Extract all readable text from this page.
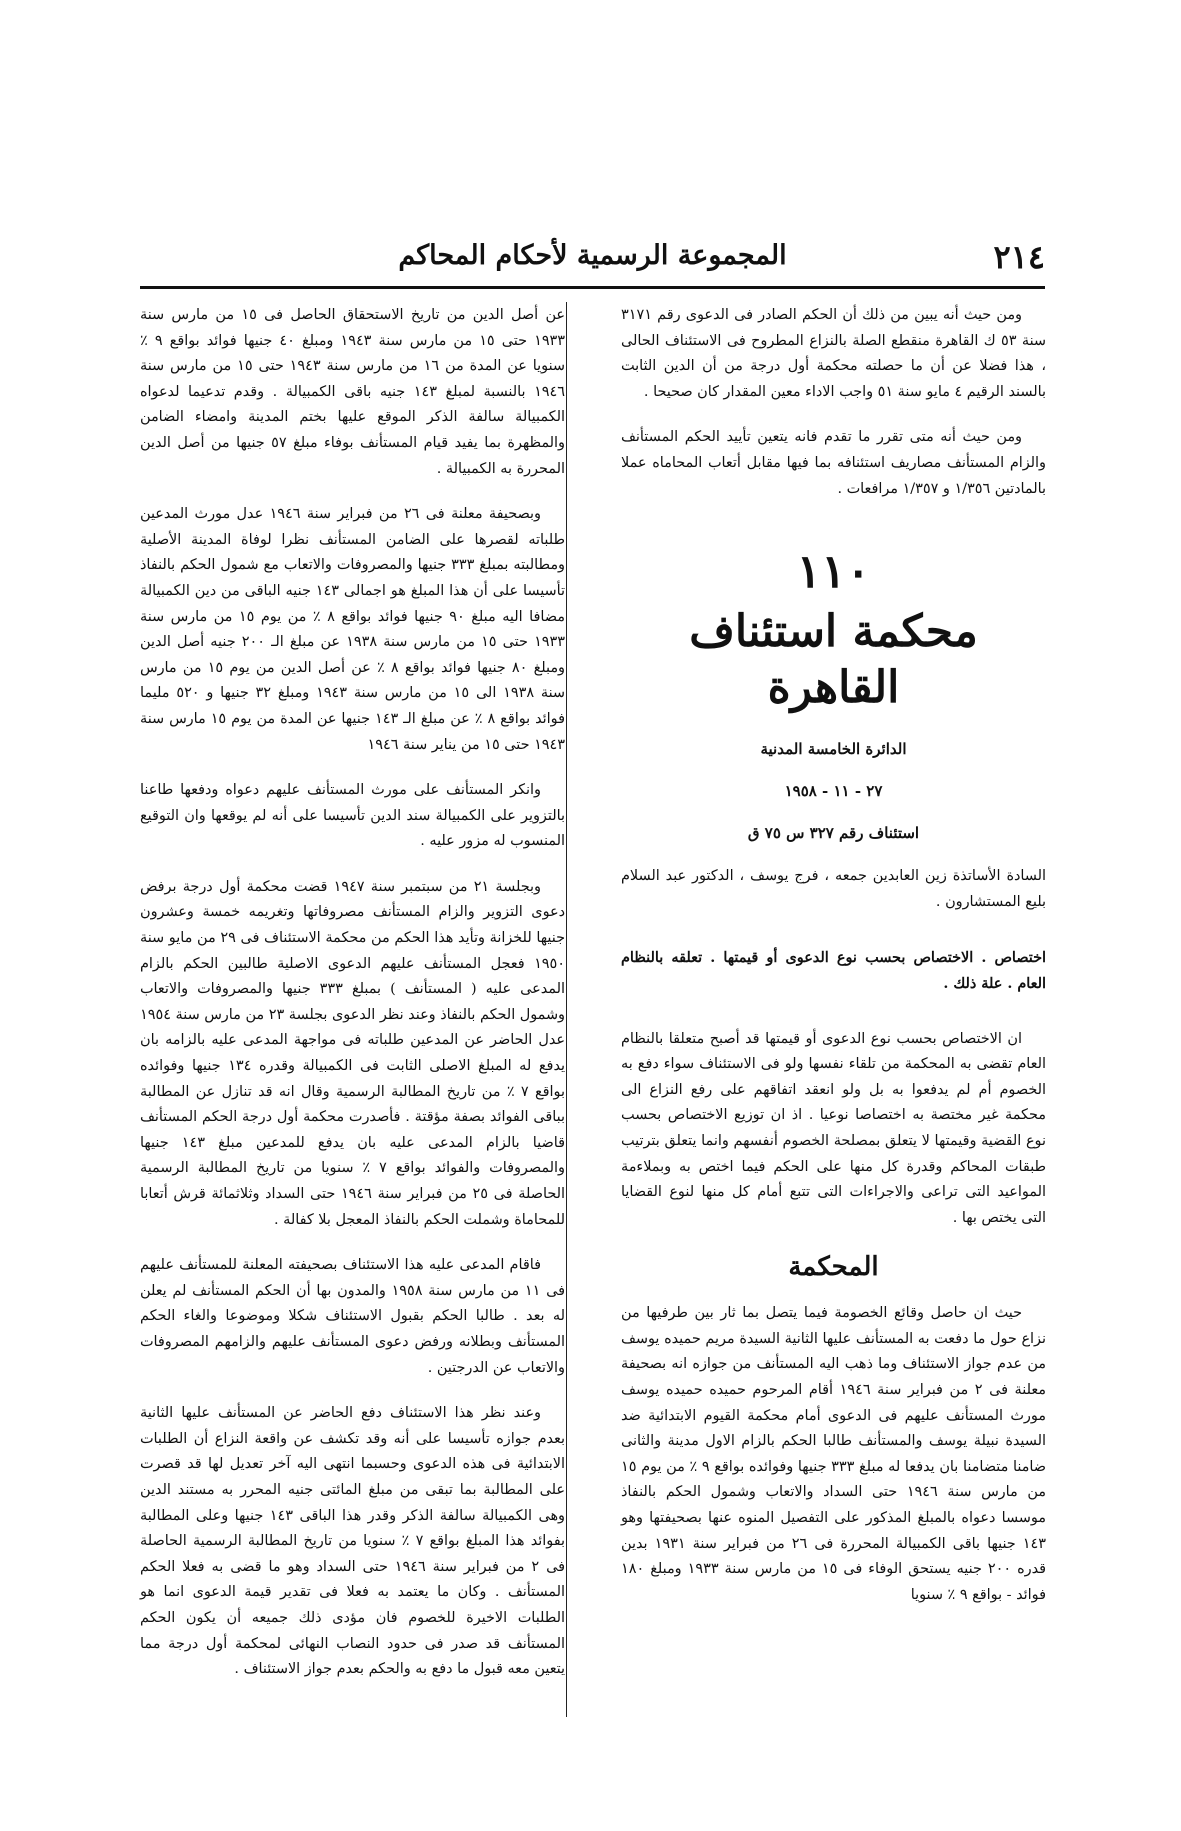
٢١٤
المجموعة الرسمية لأحكام المحاكم

ومن حيث أنه يبين من ذلك أن الحكم الصادر فى الدعوى رقم ٣١٧١ سنة ٥٣ ك القاهرة منقطع الصلة بالنزاع المطروح فى الاستئناف الحالى ، هذا فضلا عن أن ما حصلته محكمة أول درجة من أن الدين الثابت بالسند الرقيم ٤ مايو سنة ٥١ واجب الاداء معين المقدار كان صحيحا .

ومن حيث أنه متى تقرر ما تقدم فانه يتعين تأييد الحكم المستأنف والزام المستأنف مصاريف استئنافه بما فيها مقابل أتعاب المحاماه عملا بالمادتين ١/٣٥٦ و ١/٣٥٧ مرافعات .

١١٠
محكمة استئناف القاهرة
الدائرة الخامسة المدنية
٢٧ - ١١ - ١٩٥٨
استئناف رقم ٣٢٧ س ٧٥ ق

السادة الأساتذة زين العابدين جمعه ، فرج يوسف ، الدكتور عبد السلام بليع المستشارون .

اختصاص . الاختصاص بحسب نوع الدعوى أو قيمتها . تعلقه بالنظام العام . علة ذلك .

ان الاختصاص بحسب نوع الدعوى أو قيمتها قد أصبح متعلقا بالنظام العام تقضى به المحكمة من تلقاء نفسها ولو فى الاستئناف سواء دفع به الخصوم أم لم يدفعوا به بل ولو انعقد اتفاقهم على رفع النزاع الى محكمة غير مختصة به اختصاصا نوعيا . اذ ان توزيع الاختصاص بحسب نوع القضية وقيمتها لا يتعلق بمصلحة الخصوم أنفسهم وانما يتعلق بترتيب طبقات المحاكم وقدرة كل منها على الحكم فيما اختص به وبملاءمة المواعيد التى تراعى والاجراءات التى تتبع أمام كل منها لنوع القضايا التى يختص بها .

المحكمة

حيث ان حاصل وقائع الخصومة فيما يتصل بما ثار بين طرفيها من نزاع حول ما دفعت به المستأنف عليها الثانية السيدة مريم حميده يوسف من عدم جواز الاستئناف وما ذهب اليه المستأنف من جوازه انه بصحيفة معلنة فى ٢ من فبراير سنة ١٩٤٦ أقام المرحوم حميده حميده يوسف مورث المستأنف عليهم فى الدعوى أمام محكمة القيوم الابتدائية ضد السيدة نبيلة يوسف والمستأنف طالبا الحكم بالزام الاول مدينة والثانى ضامنا متضامنا بان يدفعا له مبلغ ٣٣٣ جنيها وفوائده بواقع ٩ ٪ من يوم ١٥ من مارس سنة ١٩٤٦ حتى السداد والاتعاب وشمول الحكم بالنفاذ موسسا دعواه بالمبلغ المذكور على التفصيل المنوه عنها بصحيفتها وهو ١٤٣ جنيها باقى الكمبيالة المحررة فى ٢٦ من فبراير سنة ١٩٣١ بدين قدره ٢٠٠ جنيه يستحق الوفاء فى ١٥ من مارس سنة ١٩٣٣ ومبلغ ١٨٠ فوائد - بواقع ٩ ٪ سنويا

عن أصل الدين من تاريخ الاستحقاق الحاصل فى ١٥ من مارس سنة ١٩٣٣ حتى ١٥ من مارس سنة ١٩٤٣ ومبلغ ٤٠ جنيها فوائد بواقع ٩ ٪ سنويا عن المدة من ١٦ من مارس سنة ١٩٤٣ حتى ١٥ من مارس سنة ١٩٤٦ بالنسبة لمبلغ ١٤٣ جنيه باقى الكمبيالة . وقدم تدعيما لدعواه الكمبيالة سالفة الذكر الموقع عليها بختم المدينة وامضاء الضامن والمظهرة بما يفيد قيام المستأنف بوفاء مبلغ ٥٧ جنيها من أصل الدين المحررة به الكمبيالة .

وبصحيفة معلنة فى ٢٦ من فبراير سنة ١٩٤٦ عدل مورث المدعين طلباته لقصرها على الضامن المستأنف نظرا لوفاة المدينة الأصلية ومطالبته بمبلغ ٣٣٣ جنيها والمصروفات والاتعاب مع شمول الحكم بالنفاذ تأسيسا على أن هذا المبلغ هو اجمالى ١٤٣ جنيه الباقى من دين الكمبيالة مضافا اليه مبلغ ٩٠ جنيها فوائد بواقع ٨ ٪ من يوم ١٥ من مارس سنة ١٩٣٣ حتى ١٥ من مارس سنة ١٩٣٨ عن مبلغ الـ ٢٠٠ جنيه أصل الدين ومبلغ ٨٠ جنيها فوائد بواقع ٨ ٪ عن أصل الدين من يوم ١٥ من مارس سنة ١٩٣٨ الى ١٥ من مارس سنة ١٩٤٣ ومبلغ ٣٢ جنيها و ٥٢٠ مليما فوائد بواقع ٨ ٪ عن مبلغ الـ ١٤٣ جنيها عن المدة من يوم ١٥ مارس سنة ١٩٤٣ حتى ١٥ من يناير سنة ١٩٤٦

وانكر المستأنف على مورث المستأنف عليهم دعواه ودفعها طاعنا بالتزوير على الكمبيالة سند الدين تأسيسا على أنه لم يوقعها وان التوقيع المنسوب له مزور عليه .

وبجلسة ٢١ من سبتمبر سنة ١٩٤٧ قضت محكمة أول درجة برفض دعوى التزوير والزام المستأنف مصروفاتها وتغريمه خمسة وعشرون جنيها للخزانة وتأيد هذا الحكم من محكمة الاستئناف فى ٢٩ من مايو سنة ١٩٥٠ فعجل المستأنف عليهم الدعوى الاصلية طالبين الحكم بالزام المدعى عليه ( المستأنف ) بمبلغ ٣٣٣ جنيها والمصروفات والاتعاب وشمول الحكم بالنفاذ وعند نظر الدعوى بجلسة ٢٣ من مارس سنة ١٩٥٤ عدل الحاضر عن المدعين طلباته فى مواجهة المدعى عليه بالزامه بان يدفع له المبلغ الاصلى الثابت فى الكمبيالة وقدره ١٣٤ جنيها وفوائده بواقع ٧ ٪ من تاريخ المطالبة الرسمية وقال انه قد تنازل عن المطالبة بباقى الفوائد بصفة مؤقتة . فأصدرت محكمة أول درجة الحكم المستأنف قاضيا بالزام المدعى عليه بان يدفع للمدعين مبلغ ١٤٣ جنيها والمصروفات والفوائد بواقع ٧ ٪ سنويا من تاريخ المطالبة الرسمية الحاصلة فى ٢٥ من فبراير سنة ١٩٤٦ حتى السداد وثلاثمائة قرش أتعابا للمحاماة وشملت الحكم بالنفاذ المعجل بلا كفالة .

فاقام المدعى عليه هذا الاستئناف بصحيفته المعلنة للمستأنف عليهم فى ١١ من مارس سنة ١٩٥٨ والمدون بها أن الحكم المستأنف لم يعلن له بعد . طالبا الحكم بقبول الاستئناف شكلا وموضوعا والغاء الحكم المستأنف وبطلانه ورفض دعوى المستأنف عليهم والزامهم المصروفات والاتعاب عن الدرجتين .

وعند نظر هذا الاستئناف دفع الحاضر عن المستأنف عليها الثانية بعدم جوازه تأسيسا على أنه وقد تكشف عن واقعة النزاع أن الطلبات الابتدائية فى هذه الدعوى وحسبما انتهى اليه آخر تعديل لها قد قصرت على المطالبة بما تبقى من مبلغ المائتى جنيه المحرر به مستند الدين وهى الكمبيالة سالفة الذكر وقدر هذا الباقى ١٤٣ جنيها وعلى المطالبة بفوائد هذا المبلغ بواقع ٧ ٪ سنويا من تاريخ المطالبة الرسمية الحاصلة فى ٢ من فبراير سنة ١٩٤٦ حتى السداد وهو ما قضى به فعلا الحكم المستأنف . وكان ما يعتمد به فعلا فى تقدير قيمة الدعوى انما هو الطلبات الاخيرة للخصوم فان مؤدى ذلك جميعه أن يكون الحكم المستأنف قد صدر فى حدود النصاب النهائى لمحكمة أول درجة مما يتعين معه قبول ما دفع به والحكم بعدم جواز الاستئناف .
